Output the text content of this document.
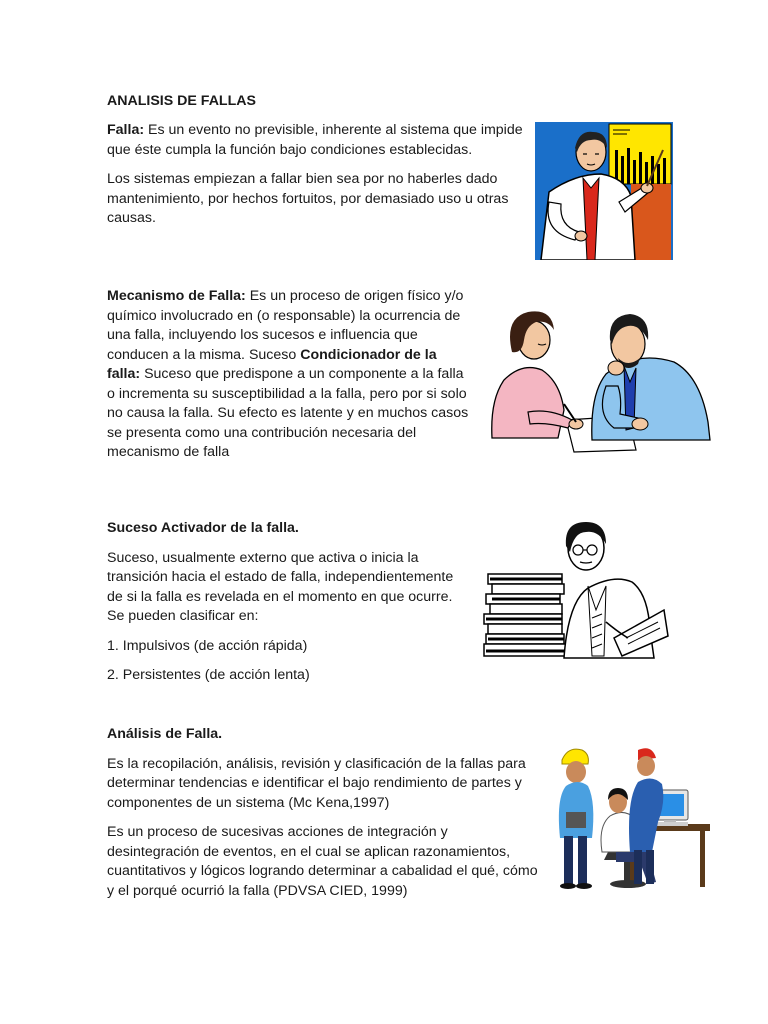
ANALISIS DE FALLAS

Falla: Es un evento no previsible, inherente al sistema que impide que éste cumpla la función bajo condiciones establecidas.

Los sistemas empiezan a fallar bien sea por no haberles dado mantenimiento, por hechos fortuitos, por demasiado uso u otras causas.

Mecanismo de Falla: Es un proceso de origen físico y/o químico involucrado en (o responsable) la ocurrencia de una falla, incluyendo los sucesos e influencia que conducen a la misma. Suceso Condicionador de la falla: Suceso que predispone a un componente a la falla o incrementa su susceptibilidad a la falla, pero por si solo no causa la falla. Su efecto es latente y en muchos casos se presenta como una contribución necesaria del mecanismo de falla

Suceso Activador de la falla.

Suceso, usualmente externo que activa o inicia la transición hacia el estado de falla, independientemente de si la falla es revelada en el momento en que ocurre. Se pueden clasificar en:

1. Impulsivos (de acción rápida)

2. Persistentes (de acción lenta)

Análisis de Falla.

Es la recopilación, análisis, revisión y clasificación de la fallas para determinar tendencias e identificar el bajo rendimiento de partes y componentes de un sistema (Mc Kena,1997)

Es un proceso de sucesivas acciones de integración y desintegración de eventos, en el cual se aplican razonamientos, cuantitativos y lógicos logrando determinar a cabalidad el qué, cómo y el porqué ocurrió la falla (PDVSA CIED, 1999)
